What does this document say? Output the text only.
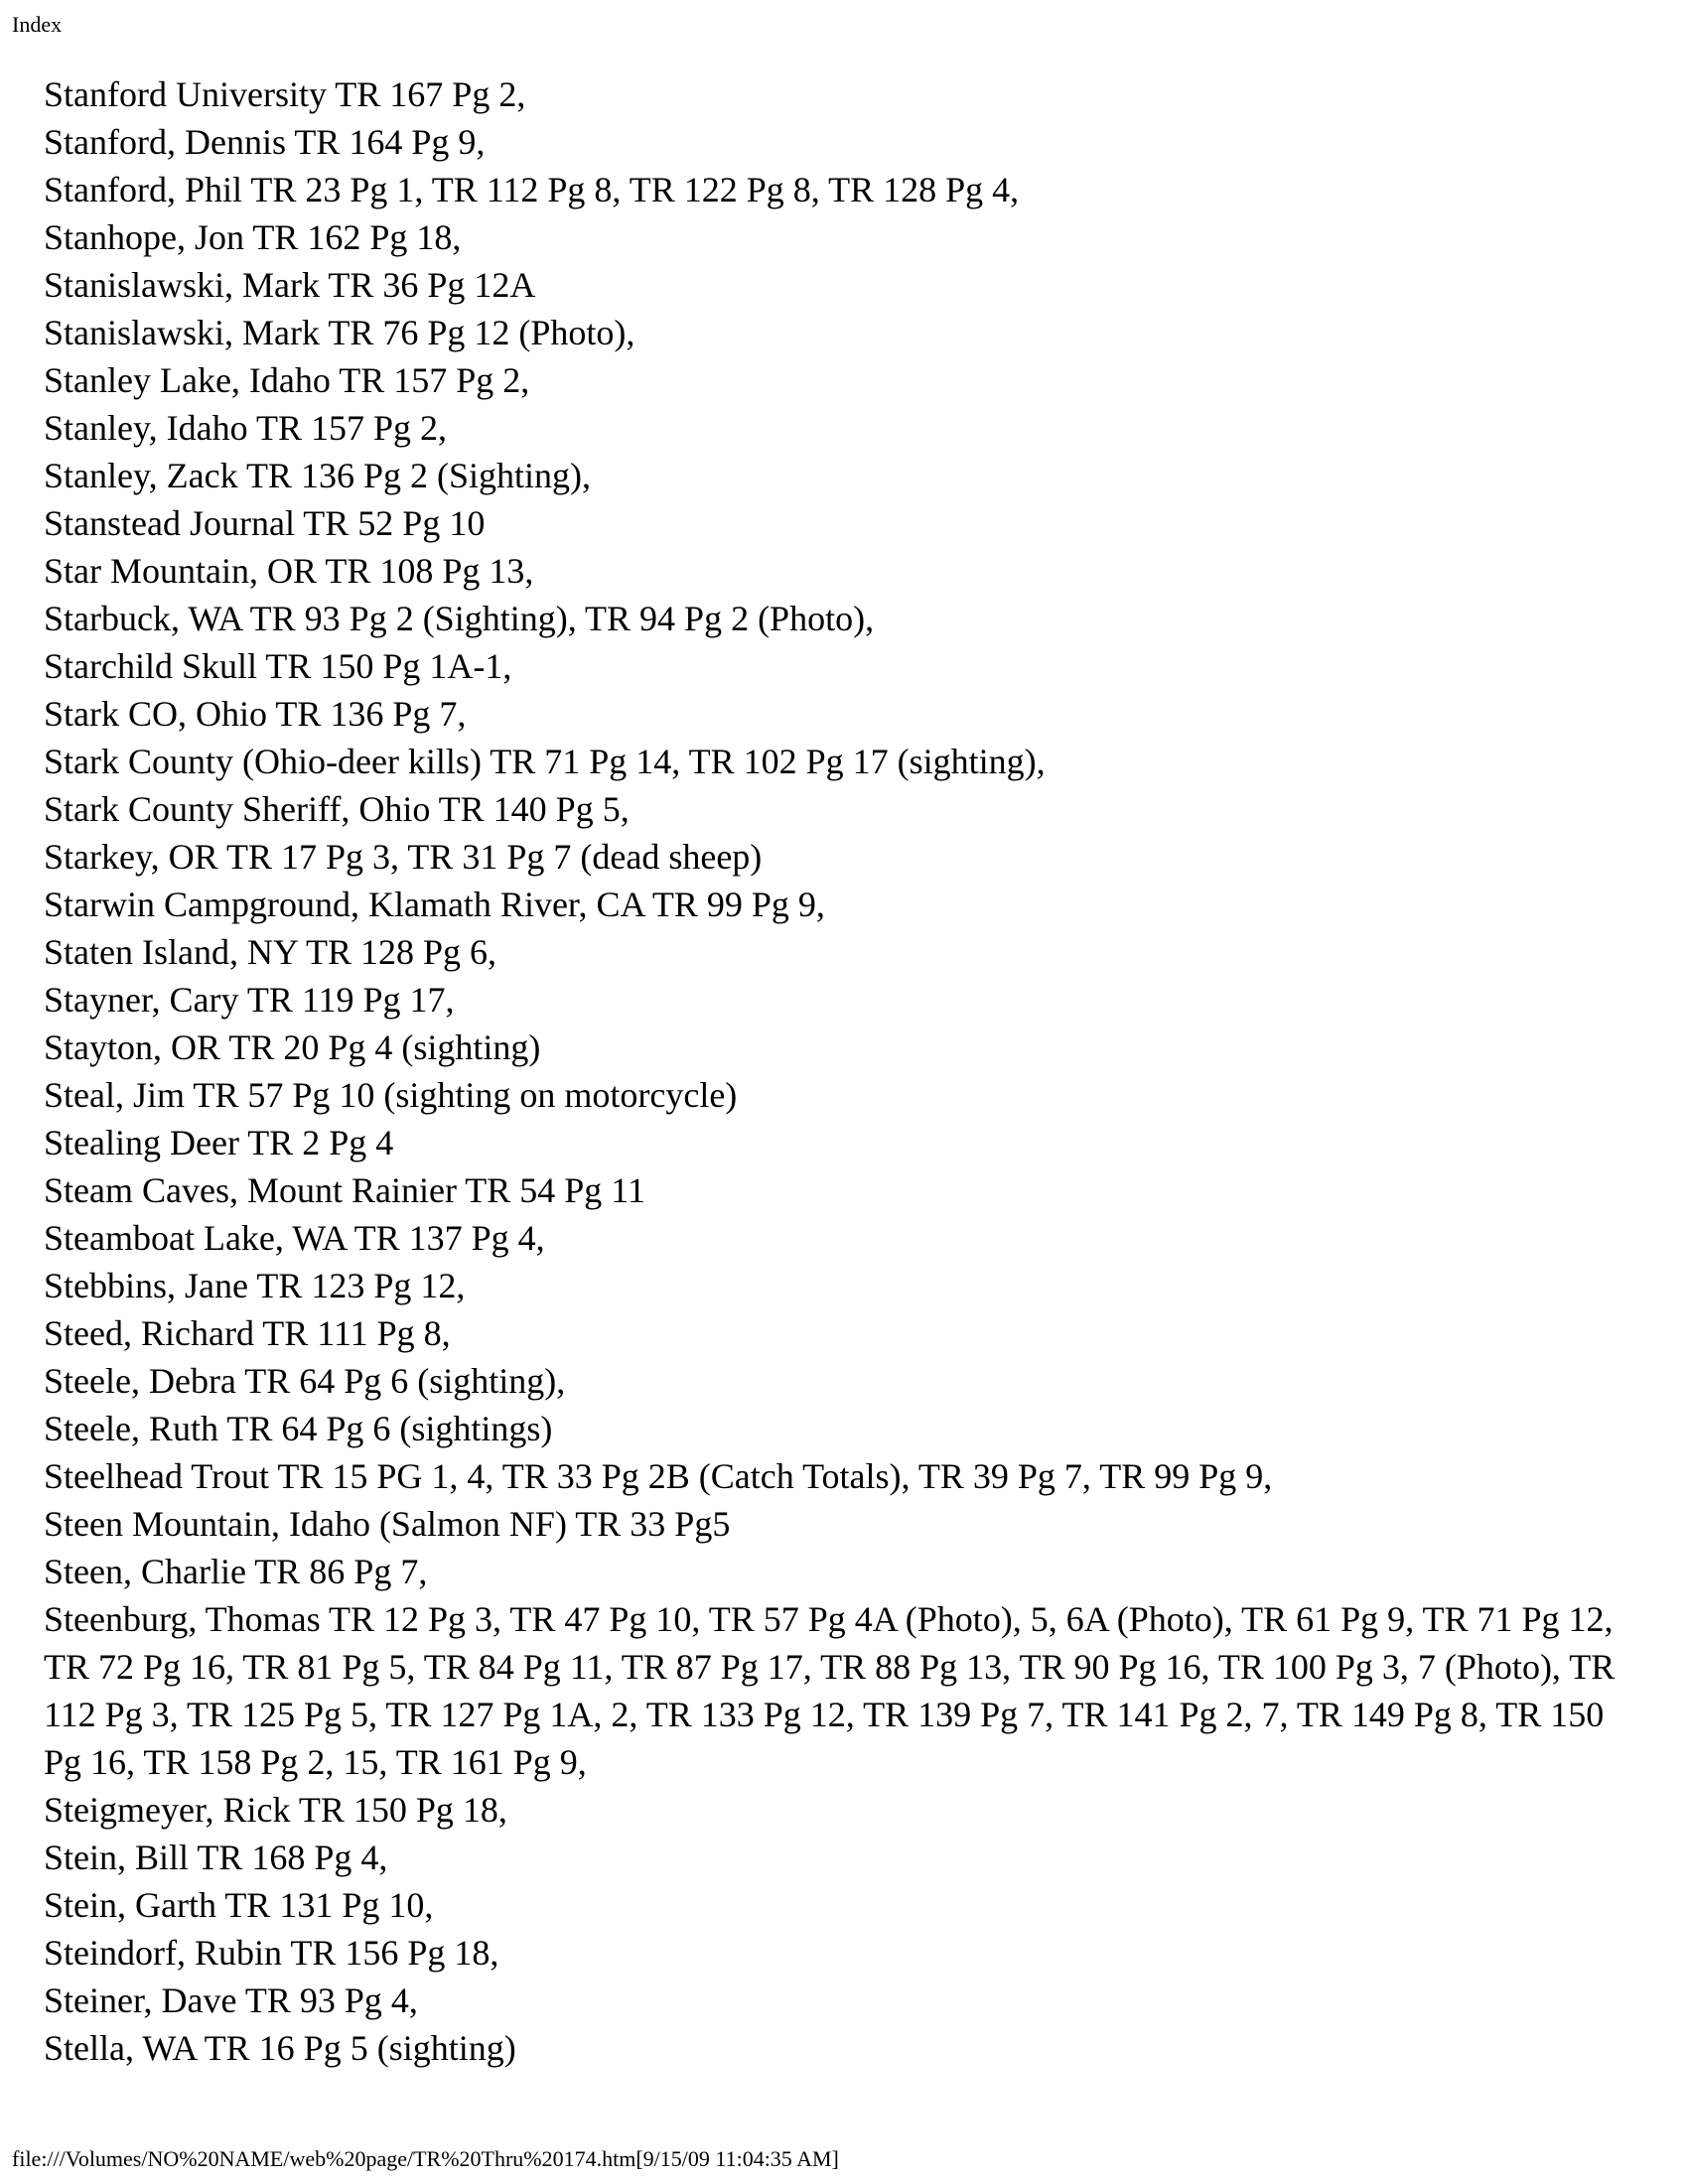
Index
Stanford University TR 167 Pg 2,
Stanford, Dennis TR 164 Pg 9,
Stanford, Phil TR 23 Pg 1, TR 112 Pg 8, TR 122 Pg 8, TR 128 Pg 4,
Stanhope, Jon TR 162 Pg 18,
Stanislawski, Mark TR 36 Pg 12A
Stanislawski, Mark TR 76 Pg 12 (Photo),
Stanley Lake, Idaho TR 157 Pg 2,
Stanley, Idaho TR 157 Pg 2,
Stanley, Zack TR 136 Pg 2 (Sighting),
Stanstead Journal TR 52 Pg 10
Star Mountain, OR TR 108 Pg 13,
Starbuck, WA TR 93 Pg 2 (Sighting), TR 94 Pg 2 (Photo),
Starchild Skull TR 150 Pg 1A-1,
Stark CO, Ohio TR 136 Pg 7,
Stark County (Ohio-deer kills) TR 71 Pg 14, TR 102 Pg 17 (sighting),
Stark County Sheriff, Ohio TR 140 Pg 5,
Starkey, OR TR 17 Pg 3, TR 31 Pg 7 (dead sheep)
Starwin Campground, Klamath River, CA TR 99 Pg 9,
Staten Island, NY TR 128 Pg 6,
Stayner, Cary TR 119 Pg 17,
Stayton, OR TR 20 Pg 4 (sighting)
Steal, Jim TR 57 Pg 10 (sighting on motorcycle)
Stealing Deer TR 2 Pg 4
Steam Caves, Mount Rainier TR 54 Pg 11
Steamboat Lake, WA TR 137 Pg 4,
Stebbins, Jane TR 123 Pg 12,
Steed, Richard TR 111 Pg 8,
Steele, Debra TR 64 Pg 6 (sighting),
Steele, Ruth TR 64 Pg 6 (sightings)
Steelhead Trout TR 15 PG 1, 4, TR 33 Pg 2B (Catch Totals), TR 39 Pg 7, TR 99 Pg 9,
Steen Mountain, Idaho (Salmon NF) TR 33 Pg5
Steen, Charlie TR 86 Pg 7,
Steenburg, Thomas TR 12 Pg 3, TR 47 Pg 10, TR 57 Pg 4A (Photo), 5, 6A (Photo), TR 61 Pg 9, TR 71 Pg 12, TR 72 Pg 16, TR 81 Pg 5, TR 84 Pg 11, TR 87 Pg 17, TR 88 Pg 13, TR 90 Pg 16, TR 100 Pg 3, 7 (Photo), TR 112 Pg 3, TR 125 Pg 5, TR 127 Pg 1A, 2, TR 133 Pg 12, TR 139 Pg 7, TR 141 Pg 2, 7, TR 149 Pg 8, TR 150 Pg 16, TR 158 Pg 2, 15, TR 161 Pg 9,
Steigmeyer, Rick TR 150 Pg 18,
Stein, Bill TR 168 Pg 4,
Stein, Garth TR 131 Pg 10,
Steindorf, Rubin TR 156 Pg 18,
Steiner, Dave TR 93 Pg 4,
Stella, WA TR 16 Pg 5 (sighting)
file:///Volumes/NO%20NAME/web%20page/TR%20Thru%20174.htm[9/15/09 11:04:35 AM]
